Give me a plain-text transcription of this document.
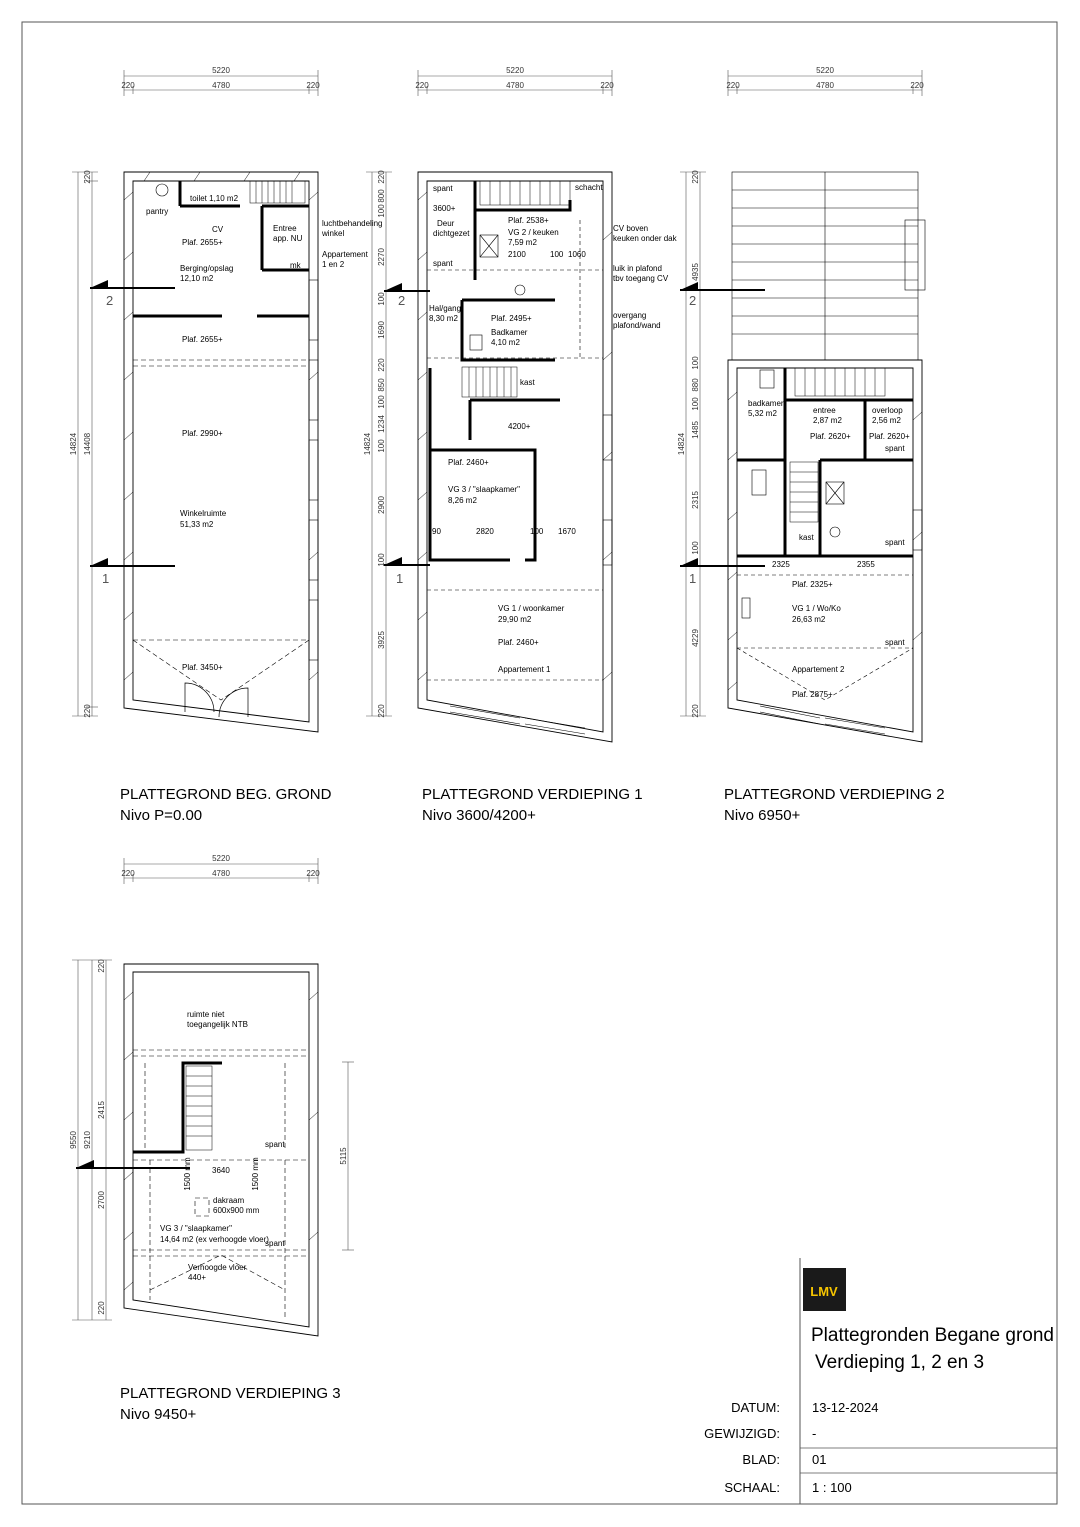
5220
4780
220	220
14824 14408
220
220
2
1
pantry
toilet 1,10 m2
CV
Plaf. 2655+
Berging/opslag
12,10 m2
Entree
app. NU
luchtbehandeling
winkel
Appartement
1 en 2
mk
Plaf. 2655+
Plaf. 2990+
Winkelruimte
51,33 m2
Plaf. 3450+
PLATTEGROND BEG. GROND
Nivo P=0.00
5220
4780
220	220
14824
220
800
100
2270
100
1690
220
850
100
1234
100
2900
100
3925
220
2
1
spant	schacht
3600+
Deur
dichtgezet
Plaf. 2538+
VG 2 / keuken
7,59 m2
CV boven
keuken onder dak
2100	100 1060
spant
luik in plafond
tbv toegang CV
Hal/gang
8,30 m2	Plaf. 2495+
Badkamer
4,10 m2
overgang
plafond/wand
kast
4200+
Plaf. 2460+
VG 3 / "slaapkamer"
8,26 m2
90	2820	100 1670
VG 1 / woonkamer
29,90 m2
Plaf. 2460+
Appartement 1
PLATTEGROND VERDIEPING 1
Nivo 3600/4200+
5220
4780
220	220
14824
220
4935
100
880
100
1485
2315
100
4229
220
2
1
badkamer
5,32 m2	entree
2,87 m2
Plaf. 2620+
overloop
2,56 m2
Plaf. 2620+
spant
kast
spant
2325	2355
Plaf. 2325+
VG 1 / Wo/Ko
26,63 m2
spant
Appartement 2
Plaf. 2875+
PLATTEGROND VERDIEPING 2
Nivo 6950+
5220
4780
220	220
9550 9210
220
2415
2700
220
5115
ruimte niet
toegangelijk NTB
spant
3640
1500 mm	1500 mm
dakraam
600x900 mm
VG 3 / "slaapkamer"
14,64 m2 (ex verhoogde vloer)
spant
Verhoogde vloer
440+
PLATTEGROND VERDIEPING 3
Nivo 9450+
LMV
Plattegronden Begane grond
Verdieping 1, 2 en 3
DATUM: 13-12-2024
GEWIJZIGD: -
BLAD: 01
SCHAAL: 1 : 100
